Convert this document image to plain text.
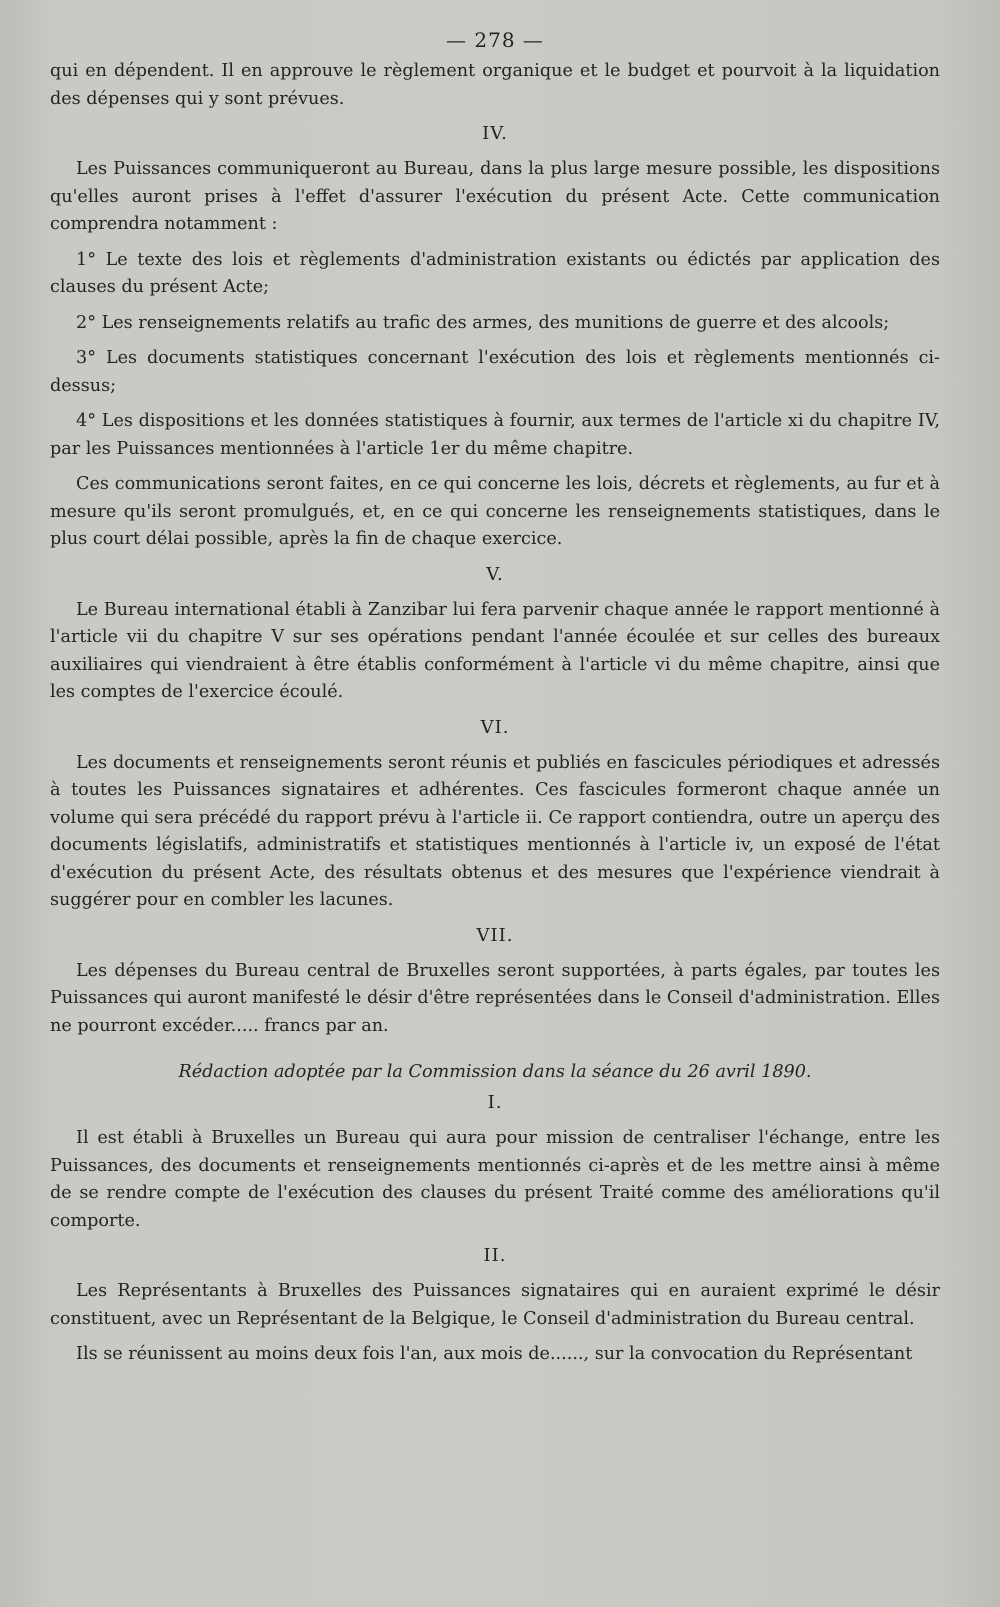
— 278 —

qui en dépendent. Il en approuve le règlement organique et le budget et pourvoit à la liquidation des dépenses qui y sont prévues.

IV.

Les Puissances communiqueront au Bureau, dans la plus large mesure possible, les dispositions qu'elles auront prises à l'effet d'assurer l'exécution du présent Acte. Cette communication comprendra notamment :

1° Le texte des lois et règlements d'administration existants ou édictés par application des clauses du présent Acte;

2° Les renseignements relatifs au trafic des armes, des munitions de guerre et des alcools;

3° Les documents statistiques concernant l'exécution des lois et règlements mentionnés ci-dessus;

4° Les dispositions et les données statistiques à fournir, aux termes de l'article xi du chapitre IV, par les Puissances mentionnées à l'article 1er du même chapitre.

Ces communications seront faites, en ce qui concerne les lois, décrets et règlements, au fur et à mesure qu'ils seront promulgués, et, en ce qui concerne les renseignements statistiques, dans le plus court délai possible, après la fin de chaque exercice.

V.

Le Bureau international établi à Zanzibar lui fera parvenir chaque année le rapport mentionné à l'article vii du chapitre V sur ses opérations pendant l'année écoulée et sur celles des bureaux auxiliaires qui viendraient à être établis conformément à l'article vi du même chapitre, ainsi que les comptes de l'exercice écoulé.

VI.

Les documents et renseignements seront réunis et publiés en fascicules périodiques et adressés à toutes les Puissances signataires et adhérentes. Ces fascicules formeront chaque année un volume qui sera précédé du rapport prévu à l'article ii. Ce rapport contiendra, outre un aperçu des documents législatifs, administratifs et statistiques mentionnés à l'article iv, un exposé de l'état d'exécution du présent Acte, des résultats obtenus et des mesures que l'expérience viendrait à suggérer pour en combler les lacunes.

VII.

Les dépenses du Bureau central de Bruxelles seront supportées, à parts égales, par toutes les Puissances qui auront manifesté le désir d'être représentées dans le Conseil d'administration. Elles ne pourront excéder..... francs par an.

Rédaction adoptée par la Commission dans la séance du 26 avril 1890.
I.

Il est établi à Bruxelles un Bureau qui aura pour mission de centraliser l'échange, entre les Puissances, des documents et renseignements mentionnés ci-après et de les mettre ainsi à même de se rendre compte de l'exécution des clauses du présent Traité comme des améliorations qu'il comporte.

II.

Les Représentants à Bruxelles des Puissances signataires qui en auraient exprimé le désir constituent, avec un Représentant de la Belgique, le Conseil d'administration du Bureau central.

Ils se réunissent au moins deux fois l'an, aux mois de......, sur la convocation du Représentant
